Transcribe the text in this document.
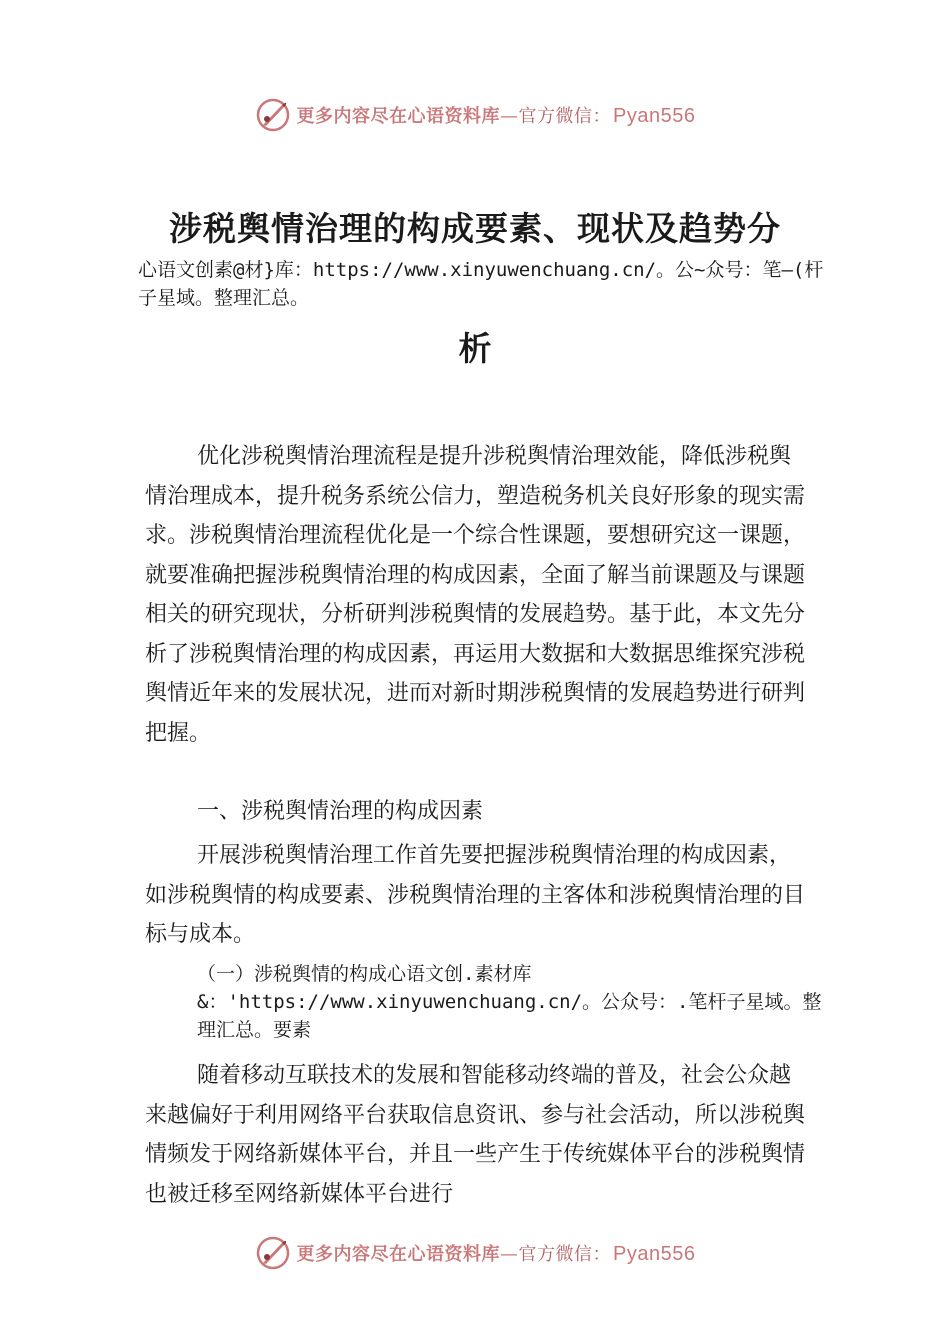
更多内容尽在心语资料库—官方微信： Pyan556
涉税舆情治理的构成要素、现状及趋势分
心语文创素@材}库：https://www.xinyuwenchuang.cn/。公~众号：笔—(杆子星域。整理汇总。
析
优化涉税舆情治理流程是提升涉税舆情治理效能，降低涉税舆情治理成本，提升税务系统公信力，塑造税务机关良好形象的现实需求。涉税舆情治理流程优化是一个综合性课题，要想研究这一课题，就要准确把握涉税舆情治理的构成因素，全面了解当前课题及与课题相关的研究现状，分析研判涉税舆情的发展趋势。基于此，本文先分析了涉税舆情治理的构成因素，再运用大数据和大数据思维探究涉税舆情近年来的发展状况，进而对新时期涉税舆情的发展趋势进行研判把握。
一、涉税舆情治理的构成因素
开展涉税舆情治理工作首先要把握涉税舆情治理的构成因素，如涉税舆情的构成要素、涉税舆情治理的主客体和涉税舆情治理的目标与成本。
（一）涉税舆情的构成心语文创.素材库&：'https://www.xinyuwenchuang.cn/。公众号：.笔杆子星域。整理汇总。要素
随着移动互联技术的发展和智能移动终端的普及，社会公众越来越偏好于利用网络平台获取信息资讯、参与社会活动，所以涉税舆情频发于网络新媒体平台，并且一些产生于传统媒体平台的涉税舆情也被迁移至网络新媒体平台进行
更多内容尽在心语资料库—官方微信： Pyan556
